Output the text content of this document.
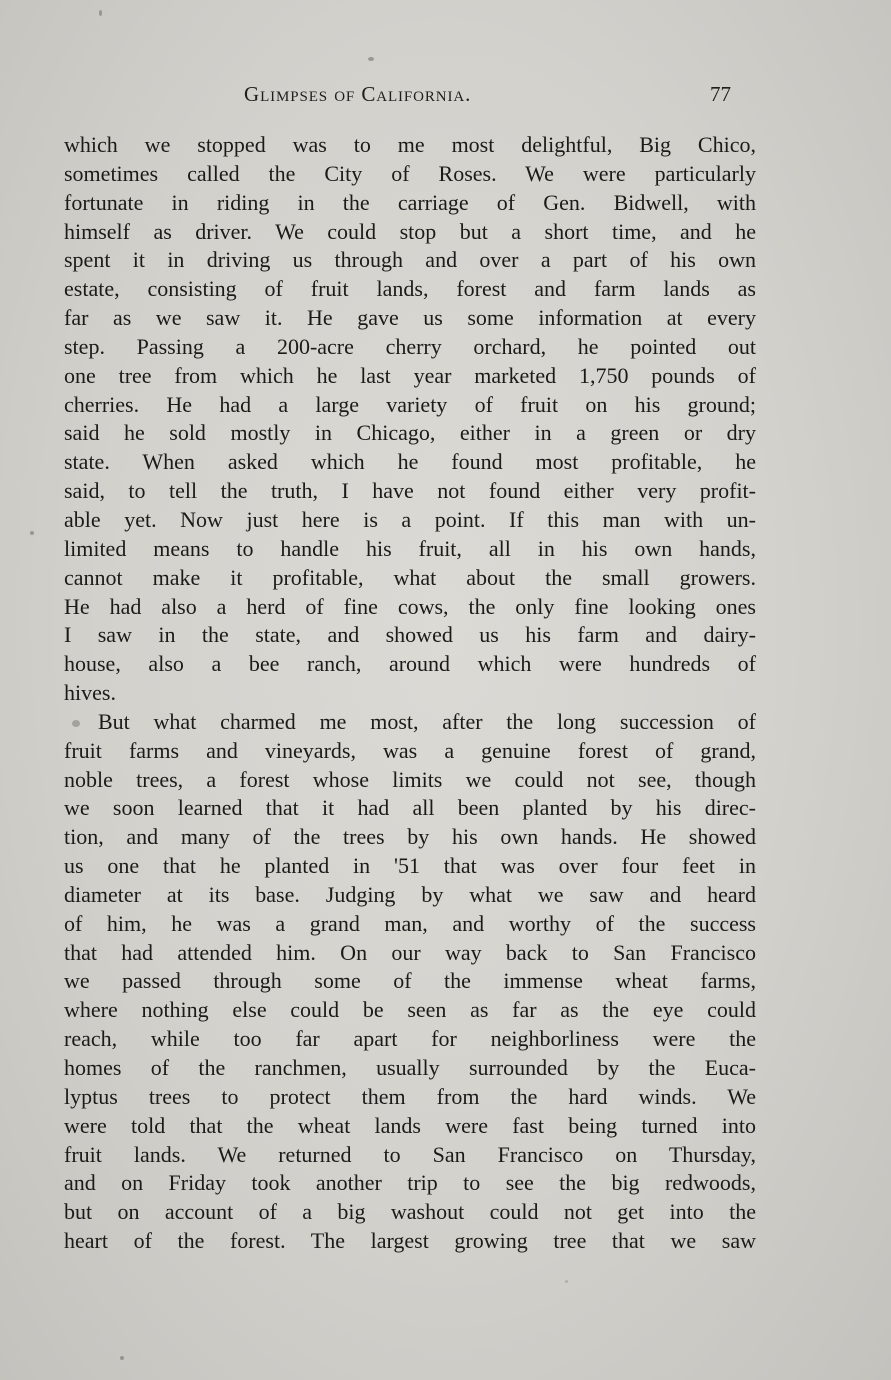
Glimpses of California.	77
which we stopped was to me most delightful, Big Chico,
sometimes called the City of Roses. We were particularly
fortunate in riding in the carriage of Gen. Bidwell, with
himself as driver. We could stop but a short time, and he
spent it in driving us through and over a part of his own
estate, consisting of fruit lands, forest and farm lands as
far as we saw it. He gave us some information at every
step. Passing a 200-acre cherry orchard, he pointed out
one tree from which he last year marketed 1,750 pounds of
cherries. He had a large variety of fruit on his ground;
said he sold mostly in Chicago, either in a green or dry
state. When asked which he found most profitable, he
said, to tell the truth, I have not found either very profit-
able yet. Now just here is a point. If this man with un-
limited means to handle his fruit, all in his own hands,
cannot make it profitable, what about the small growers.
He had also a herd of fine cows, the only fine looking ones
I saw in the state, and showed us his farm and dairy-
house, also a bee ranch, around which were hundreds of
hives.
But what charmed me most, after the long succession of
fruit farms and vineyards, was a genuine forest of grand,
noble trees, a forest whose limits we could not see, though
we soon learned that it had all been planted by his direc-
tion, and many of the trees by his own hands. He showed
us one that he planted in '51 that was over four feet in
diameter at its base. Judging by what we saw and heard
of him, he was a grand man, and worthy of the success
that had attended him. On our way back to San Francisco
we passed through some of the immense wheat farms,
where nothing else could be seen as far as the eye could
reach, while too far apart for neighborliness were the
homes of the ranchmen, usually surrounded by the Euca-
lyptus trees to protect them from the hard winds. We
were told that the wheat lands were fast being turned into
fruit lands. We returned to San Francisco on Thursday,
and on Friday took another trip to see the big redwoods,
but on account of a big washout could not get into the
heart of the forest. The largest growing tree that we saw
